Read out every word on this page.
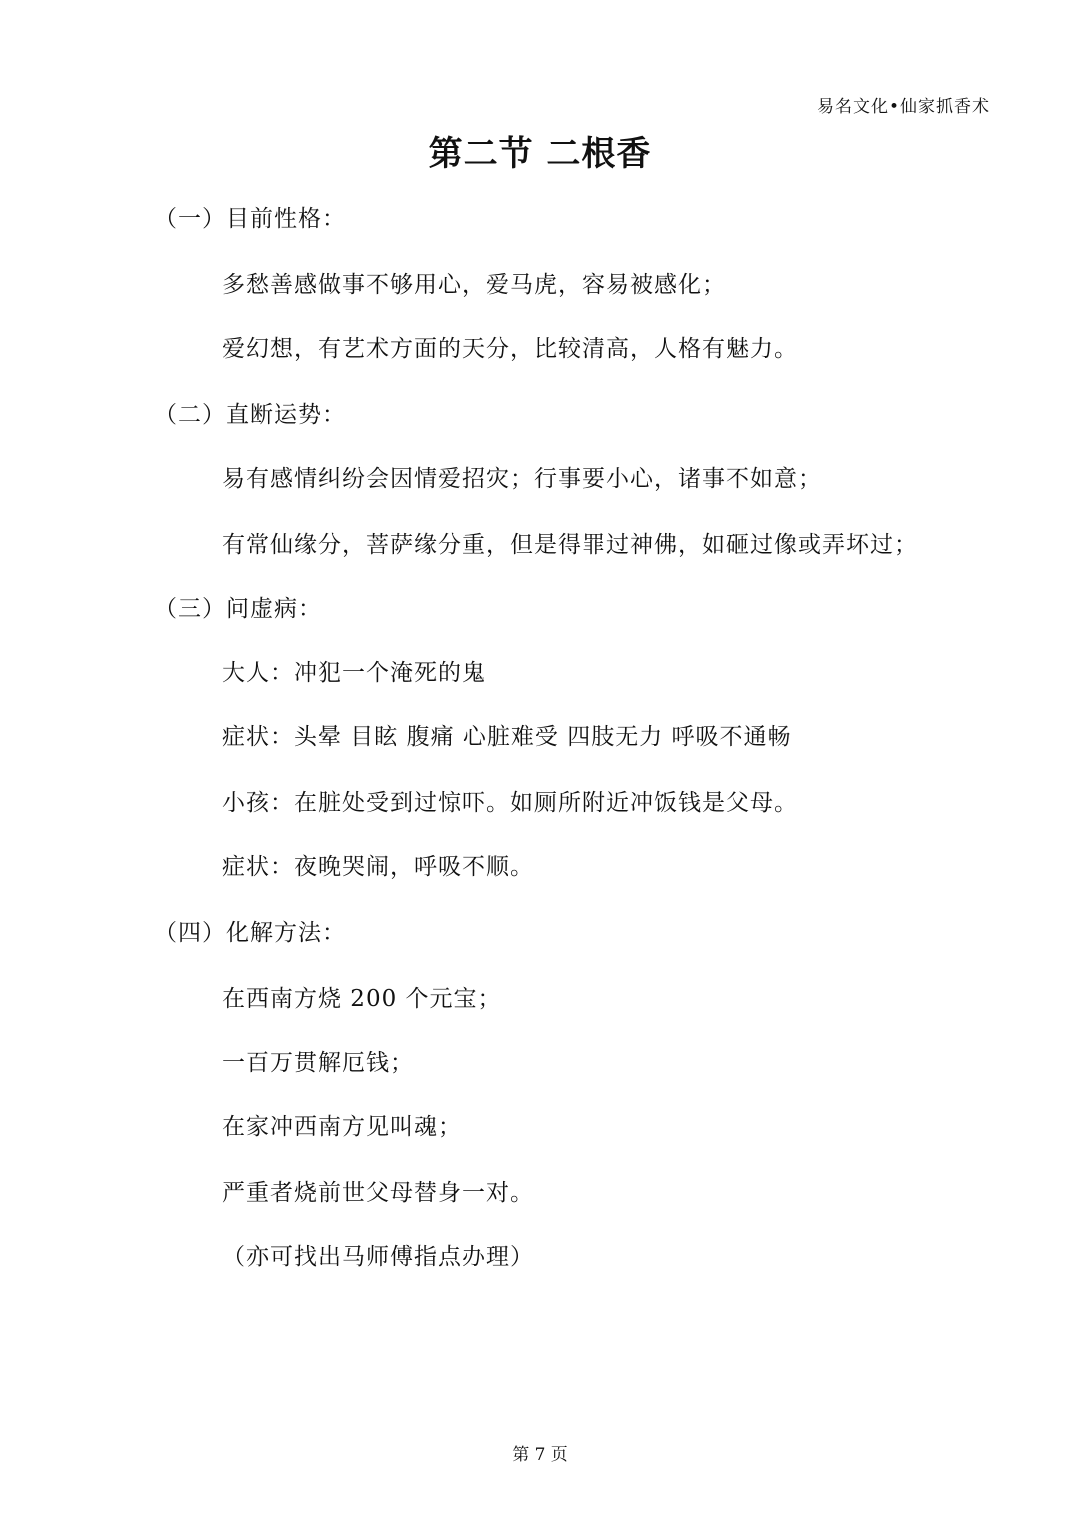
易名文化•仙家抓香术
第二节 二根香
（一）目前性格：
多愁善感做事不够用心，爱马虎，容易被感化；
爱幻想，有艺术方面的天分，比较清高，人格有魅力。
（二）直断运势：
易有感情纠纷会因情爱招灾；行事要小心，诸事不如意；
有常仙缘分，菩萨缘分重，但是得罪过神佛，如砸过像或弄坏过；
（三）问虚病：
大人：冲犯一个淹死的鬼
症状：头晕 目眩 腹痛 心脏难受 四肢无力 呼吸不通畅
小孩：在脏处受到过惊吓。如厕所附近冲饭钱是父母。
症状：夜晚哭闹，呼吸不顺。
（四）化解方法：
在西南方烧 200 个元宝；
一百万贯解厄钱；
在家冲西南方见叫魂；
严重者烧前世父母替身一对。
（亦可找出马师傅指点办理）
第 7 页
